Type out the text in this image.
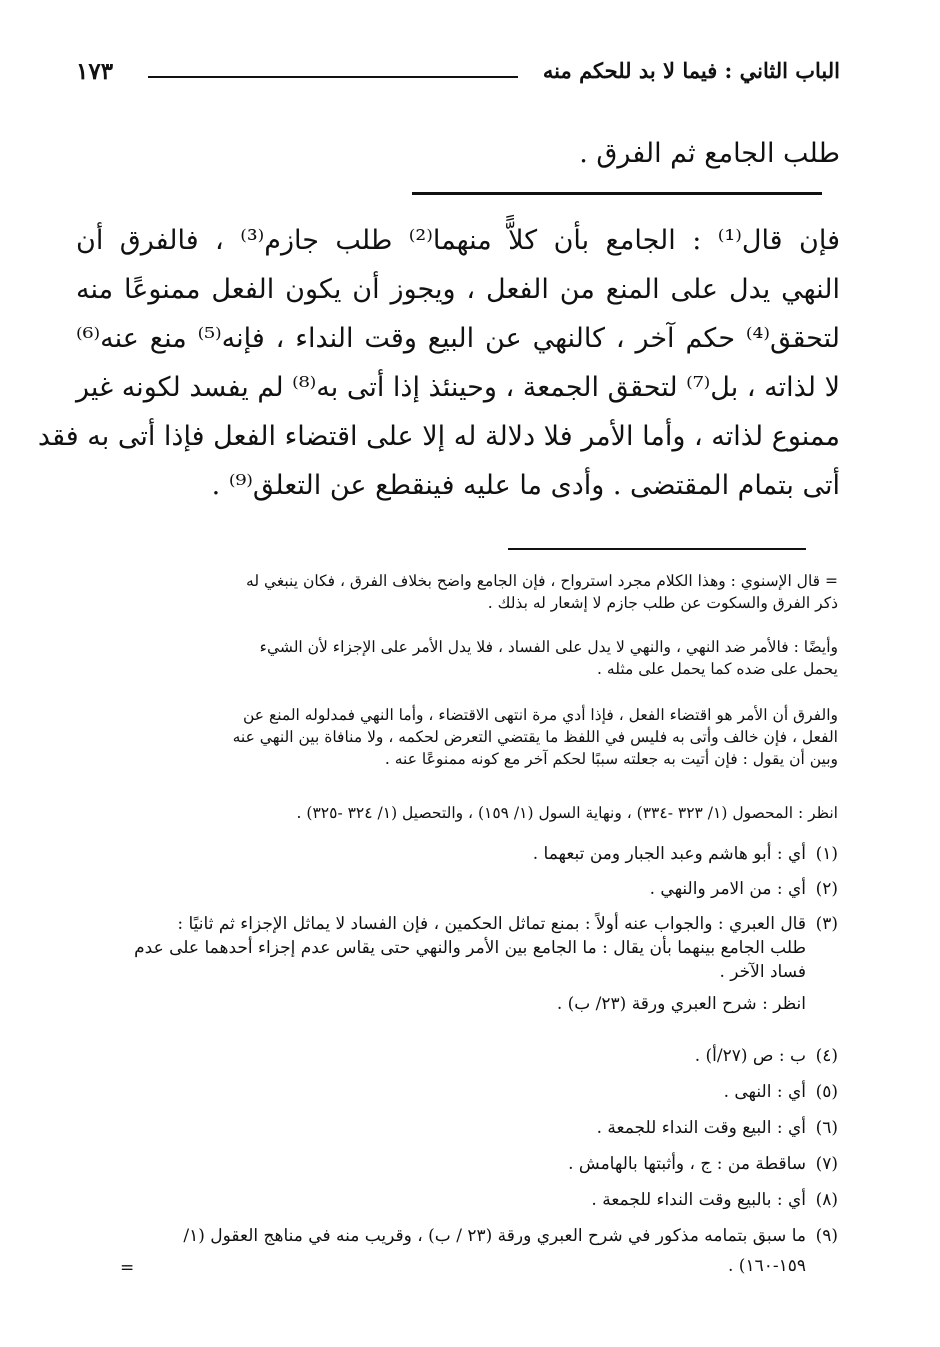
الباب الثاني : فيما لا بد للحكم منه
١٧٣
طلب الجامع ثم الفرق .
فإن قال⁽¹⁾ : الجامع بأن كلاًّ منهما⁽²⁾ طلب جازم⁽³⁾ ، فالفرق أن
النهي يدل على المنع من الفعل ، ويجوز أن يكون الفعل ممنوعًا منه
لتحقق⁽⁴⁾ حكم آخر ، كالنهي عن البيع وقت النداء ، فإنه⁽⁵⁾ منع عنه⁽⁶⁾
لا لذاته ، بل⁽⁷⁾ لتحقق الجمعة ، وحينئذ إذا أتى به⁽⁸⁾ لم يفسد لكونه غير
ممنوع لذاته ، وأما الأمر فلا دلالة له إلا على اقتضاء الفعل فإذا أتى به فقد
أتى بتمام المقتضى . وأدى ما عليه فينقطع عن التعلق⁽⁹⁾ .
= قال الإسنوي : وهذا الكلام مجرد استرواح ، فإن الجامع واضح بخلاف الفرق ، فكان ينبغي له
ذكر الفرق والسكوت عن طلب جازم لا إشعار له بذلك .
وأيضًا : فالأمر ضد النهي ، والنهي لا يدل على الفساد ، فلا يدل الأمر على الإجزاء لأن الشيء
يحمل على ضده كما يحمل على مثله .
والفرق أن الأمر هو اقتضاء الفعل ، فإذا أدي مرة انتهى الاقتضاء ، وأما النهي فمدلوله المنع عن
الفعل ، فإن خالف وأتى به فليس في اللفظ ما يقتضي التعرض لحكمه ، ولا منافاة بين النهي عنه
وبين أن يقول : فإن أتيت به جعلته سببًا لحكم آخر مع كونه ممنوعًا عنه .
انظر : المحصول (١/ ٣٢٣ -٣٣٤) ، ونهاية السول (١/ ١٥٩) ، والتحصيل (١/ ٣٢٤ -٣٢٥) .
(١)أي : أبو هاشم وعبد الجبار ومن تبعهما .
(٢)أي : من الامر والنهي .
(٣)قال العبري : والجواب عنه أولاً : بمنع تماثل الحكمين ، فإن الفساد لا يماثل الإجزاء ثم ثانيًا :
طلب الجامع بينهما بأن يقال : ما الجامع بين الأمر والنهي حتى يقاس عدم إجزاء أحدهما على عدم
فساد الآخر .
انظر : شرح العبري ورقة (٢٣/ ب) .
(٤)ب : ص (٢٧/أ) .
(٥)أي : النهى .
(٦)أي : البيع وقت النداء للجمعة .
(٧)ساقطة من : ج ، وأثبتها بالهامش .
(٨)أي : بالبيع وقت النداء للجمعة .
(٩)ما سبق بتمامه مذكور في شرح العبري ورقة (٢٣ / ب) ، وقريب منه في مناهج العقول (١/
١٥٩-١٦٠) .
=
